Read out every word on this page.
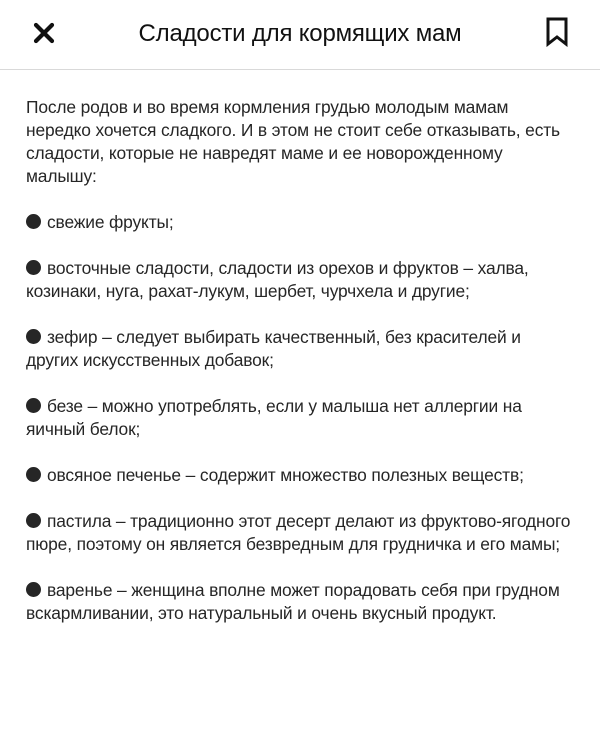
Сладости для кормящих мам

После родов и во время кормления грудью молодым мамам нередко хочется сладкого. И в этом не стоит себе отказывать, есть сладости, которые не навредят маме и ее новорожденному малышу:

свежие фрукты;
восточные сладости, сладости из орехов и фруктов – халва, козинаки, нуга, рахат-лукум, шербет, чурчхела и другие;
зефир – следует выбирать качественный, без красителей и других искусственных добавок;
безе – можно употреблять, если у малыша нет аллергии на яичный белок;
овсяное печенье – содержит множество полезных веществ;
пастила – традиционно этот десерт делают из фруктово-ягодного пюре, поэтому он является безвредным для грудничка и его мамы;
варенье – женщина вполне может порадовать себя при грудном вскармливании, это натуральный и очень вкусный продукт.
